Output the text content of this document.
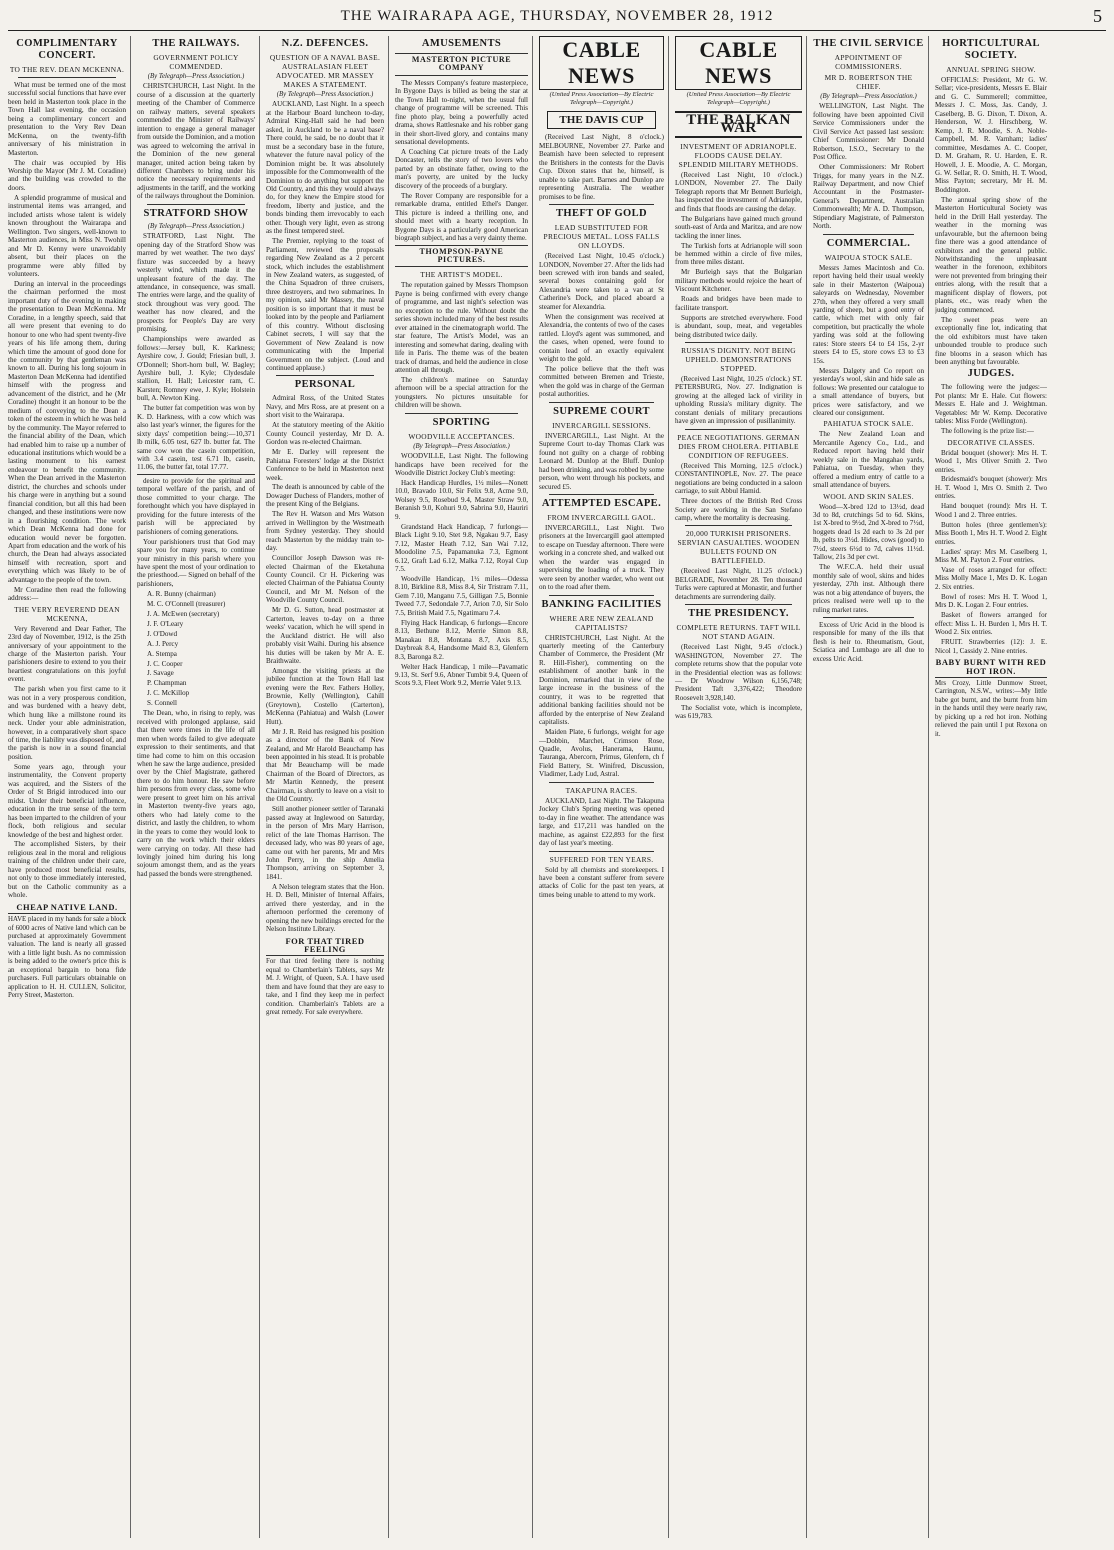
THE WAIRARAPA AGE, THURSDAY, NOVEMBER 28, 1912	5
COMPLIMENTARY CONCERT.
TO THE REV. DEAN MCKENNA.

What must be termed one of the most successful social functions that have ever been held in Masterton took place in the Town Hall last evening, the occasion being a complimentary concert and presentation to the Very Rev Dean McKenna, on the twenty-fifth anniversary of his ministration in Masterton.

The chair was occupied by His Worship the Mayor (Mr J. M. Coradine) and the building was crowded to the doors.

A splendid programme of musical and instrumental items was arranged, and included artists whose talent is widely known throughout the Wairarapa and Wellington. Two singers, well-known to Masterton audiences, in Miss N. Twohill and Mr D. Kenny were unavoidably absent, but their places on the programme were ably filled by volunteers.

During an interval in the proceedings the chairman performed the most important duty of the evening in making the presentation to Dean McKenna. Mr Coradine, in a lengthy speech, said that all were present that evening to do honour to one who had spent twenty-five years of his life among them, during which time the amount of good done for the community by that gentleman was known to all. During his long sojourn in Masterton Dean McKenna had identified himself with the progress and advancement of the district, and he (Mr Coradine) thought it an honour to be the medium of conveying to the Dean a token of the esteem in which he was held by the community. The Mayor referred to the financial ability of the Dean, which had enabled him to raise up a number of educational institutions which would be a lasting monument to his earnest endeavour to benefit the community. When the Dean arrived in the Masterton district, the churches and schools under his charge were in anything but a sound financial condition, but all this had been changed, and these institutions were now in a flourishing condition. The work which Dean McKenna had done for education would never be forgotten. Apart from education and the work of his church, the Dean had always associated himself with recreation, sport and everything which was likely to be of advantage to the people of the town.

Mr Coradine then read the following address:—

THE VERY REVEREND DEAN MCKENNA,

Very Reverend and Dear Father, The 23rd day of November, 1912, is the 25th anniversary of your appointment to the charge of the Masterton parish. Your parishioners desire to extend to you their heartiest congratulations on this joyful event.

The parish when you first came to it was not in a very prosperous condition, and was burdened with a heavy debt, which hung like a millstone round its neck. Under your able administration, however, in a comparatively short space of time, the liability was disposed of, and the parish is now in a sound financial position.

Some years ago, through your instrumentality, the Convent property was acquired, and the Sisters of the Order of St Brigid introduced into our midst. Under their beneficial influence, education in the true sense of the term has been imparted to the children of your flock, both religious and secular knowledge of the best and highest order.

The accomplished Sisters, by their religious zeal in the moral and religious training of the children under their care, have produced most beneficial results, not only to those immediately interested, but on the Catholic community as a whole.

CHEAP NATIVE LAND.
HAVE placed in my hands for sale a block of 6000 acres of Native land which can be purchased at approximately Government valuation. The land is nearly all grassed with a little light bush. As no commission is being added to the owner's price this is an exceptional bargain to bona fide purchasers. Full particulars obtainable on application to H. H. CULLEN, Solicitor, Perry Street, Masterton.
THE RAILWAYS.
GOVERNMENT POLICY COMMENDED.
(By Telegraph—Press Association.)

CHRISTCHURCH, Last Night. In the course of a discussion at the quarterly meeting of the Chamber of Commerce on railway matters, several speakers commended the Minister of Railways' intention to engage a general manager from outside the Dominion, and a motion was agreed to welcoming the arrival in the Dominion of the new general manager, united action being taken by different Chambers to bring under his notice the necessary requirements and adjustments in the tariff, and the working of the railways throughout the Dominion.

STRATFORD SHOW
(By Telegraph—Press Association.)

STRATFORD, Last Night. The opening day of the Stratford Show was marred by wet weather. The two days' fixture was succeeded by a heavy westerly wind, which made it the unpleasant feature of the day. The attendance, in consequence, was small. The entries were large, and the quality of stock throughout was very good. The weather has now cleared, and the prospects for People's Day are very promising.

Championships were awarded as follows:—Jersey bull, K. Karkness; Ayrshire cow, J. Gould; Friesian bull, J. O'Donnell; Short-horn bull, W. Bagley; Ayrshire bull, J. Kyle; Clydesdale stallion, H. Hall; Leicester ram, C. Karsten; Romney ewe, J. Kyle; Holstein bull, A. Newton King.

The butter fat competition was won by K. D. Harkness, with a cow which was also last year's winner, the figures for the sixty days' competition being:—10,371 lb milk, 6.05 test, 627 lb. butter fat. The same cow won the casein competition, with 3.4 casein, test 6.71 lb, casein, 11.06, the butter fat, total 17.77.

desire to provide for the spiritual and temporal welfare of the parish, and of those committed to your charge. The forethought which you have displayed in providing for the future interests of the parish will be appreciated by parishioners of coming generations.

Your parishioners trust that God may spare you for many years, to continue your ministry in this parish where you have spent the most of your ordination to the priesthood.— Signed on behalf of the parishioners,

A. R. Bunny (chairman)

M. C. O'Connell (treasurer)

J. A. McEwen (secretary)

J. F. O'Leary

J. O'Dowd

A. J. Percy

A. Stempa

J. C. Cooper

J. Savage

P. Champman

J. C. McKillop

S. Connell

The Dean, who, in rising to reply, was received with prolonged applause, said that there were times in the life of all men when words failed to give adequate expression to their sentiments, and that time had come to him on this occasion when he saw the large audience, presided over by the Chief Magistrate, gathered there to do him honour. He saw before him persons from every class, some who were present to greet him on his arrival in Masterton twenty-five years ago, others who had lately come to the district, and lastly the children, to whom in the years to come they would look to carry on the work which their elders were carrying on today. All these had lovingly joined him during his long sojourn amongst them, and as the years had passed the bonds were strengthened.

N.Z. DEFENCES.
QUESTION OF A NAVAL BASE. AUSTRALASIAN FLEET ADVOCATED. MR MASSEY MAKES A STATEMENT.
(By Telegraph—Press Association.)

AUCKLAND, Last Night. In a speech at the Harbour Board luncheon to-day, Admiral King-Hall said he had been asked, in Auckland to be a naval base? There could, he said, be no doubt that it must be a secondary base in the future, whatever the future naval policy of the Dominion might be. It was absolutely impossible for the Commonwealth of the Dominion to do anything but support the Old Country, and this they would always do, for they knew the Empire stood for freedom, liberty and justice, and the bonds binding them irrevocably to each other. Though very light, even as strong as the finest tempered steel.

The Premier, replying to the toast of Parliament, reviewed the proposals regarding New Zealand as a 2 percent stock, which includes the establishment in New Zealand waters, as suggested, of the China Squadron of three cruisers, three destroyers, and two submarines. In my opinion, said Mr Massey, the naval position is so important that it must be looked into by the people and Parliament of this country. Without disclosing Cabinet secrets, I will say that the Government of New Zealand is now communicating with the Imperial Government on the subject. (Loud and continued applause.)

PERSONAL

Admiral Ross, of the United States Navy, and Mrs Ross, are at present on a short visit to the Wairarapa.

At the statutory meeting of the Akitio County Council yesterday, Mr D. A. Gordon was re-elected Chairman.

Mr E. Darley will represent the Pahiatua Foresters' lodge at the District Conference to be held in Masterton next week.

The death is announced by cable of the Dowager Duchess of Flanders, mother of the present King of the Belgians.

The Rev H. Watson and Mrs Watson arrived in Wellington by the Westmeath from Sydney yesterday. They should reach Masterton by the midday train to-day.

Councillor Joseph Dawson was re-elected Chairman of the Eketahuna County Council. Cr H. Pickering was elected Chairman of the Pahiatua County Council, and Mr M. Nelson of the Woodville County Council.

Mr D. G. Sutton, head postmaster at Carterton, leaves to-day on a three weeks' vacation, which he will spend in the Auckland district. He will also probably visit Waihi. During his absence his duties will be taken by Mr A. E. Braithwaite.

Amongst the visiting priests at the jubilee function at the Town Hall last evening were the Rev. Fathers Holley, Brownie, Kelly (Wellington), Cahill (Greytown), Costello (Carterton), McKenna (Pahiatua) and Walsh (Lower Hutt).

Mr J. R. Reid has resigned his position as a director of the Bank of New Zealand, and Mr Harold Beauchamp has been appointed in his stead. It is probable that Mr Beauchamp will be made Chairman of the Board of Directors, as Mr Martin Kennedy, the present Chairman, is shortly to leave on a visit to the Old Country.

Still another pioneer settler of Taranaki passed away at Inglewood on Saturday, in the person of Mrs Mary Harrison, relict of the late Thomas Harrison. The deceased lady, who was 80 years of age, came out with her parents, Mr and Mrs John Perry, in the ship Amelia Thompson, arriving on September 3, 1841.

A Nelson telegram states that the Hon. H. D. Bell, Minister of Internal Affairs, arrived there yesterday, and in the afternoon performed the ceremony of opening the new buildings erected for the Nelson Institute Library.

FOR THAT TIRED FEELING
For that tired feeling there is nothing equal to Chamberlain's Tablets, says Mr M. J. Wright, of Queen, S.A. I have used them and have found that they are easy to take, and I find they keep me in perfect condition. Chamberlain's Tablets are a great remedy. For sale everywhere.
AMUSEMENTS
MASTERTON PICTURE COMPANY

The Messrs Company's feature masterpiece, In Bygone Days is billed as being the star at the Town Hall to-night, when the usual full change of programme will be screened. This fine photo play, being a powerfully acted drama, shows Rattlesnake and his robber gang in their short-lived glory, and contains many sensational developments.

A Coaching Cat picture treats of the Lady Doncaster, tells the story of two lovers who parted by an obstinate father, owing to the man's poverty, are united by the lucky discovery of the proceeds of a burglary.

The Rover Company are responsible for a remarkable drama, entitled Ethel's Danger. This picture is indeed a thrilling one, and should meet with a hearty reception. In Bygone Days is a particularly good American biograph subject, and has a very dainty theme.

THOMPSON-PAYNE PICTURES.
THE ARTIST'S MODEL.

The reputation gained by Messrs Thompson Payne is being confirmed with every change of programme, and last night's selection was no exception to the rule. Without doubt the series shown included many of the best results ever attained in the cinematograph world. The star feature, The Artist's Model, was an interesting and somewhat daring, dealing with life in Paris. The theme was of the beaten track of dramas, and held the audience in close attention all through.

The children's matinee on Saturday afternoon will be a special attraction for the youngsters. No pictures unsuitable for children will be shown.

SPORTING
WOODVILLE ACCEPTANCES.
(By Telegraph—Press Association.)

WOODVILLE, Last Night. The following handicaps have been received for the Woodville District Jockey Club's meeting:

Hack Handicap Hurdles, 1½ miles—Nonett 10.0, Bravado 10.0, Sir Felix 9.8, Acme 9.0, Wolsey 9.5, Rosebud 9.4, Master Straw 9.0, Beranish 9.0, Kohuri 9.0, Sabrina 9.0, Hauriri 9.

Grandstand Hack Handicap, 7 furlongs—Black Light 9.10, Stet 9.8, Ngakau 9.7, Easy 7.12, Master Heath 7.12, San Wai 7.12, Moodoline 7.5, Papamanuka 7.3, Egmont 6.12, Graft Lad 6.12, Malka 7.12, Royal Cup 7.5.

Woodville Handicap, 1½ miles—Odessa 8.10, Birkline 8.8, Miss 8.4, Sir Tristram 7.11, Gem 7.10, Manganu 7.5, Gilligan 7.5, Bonnie Tweed 7.7, Sedondale 7.7, Arion 7.0, Sir Solo 7.5, British Maid 7.5, Ngatimaru 7.4.

Flying Hack Handicap, 6 furlongs—Encore 8.13, Bethune 8.12, Merrie Simon 8.8, Manakau 8.8, Montana 8.7, Axis 8.5, Daybreak 8.4, Handsome Maid 8.3, Glenfern 8.3, Baronga 8.2.

Welter Hack Handicap, 1 mile—Pavamatic 9.13, St. Serf 9.6, Abner Tumbit 9.4, Queen of Scots 9.3, Fleet Work 9.2, Merrie Valet 9.13.

CABLE NEWS
(United Press Association—By Electric Telegraph—Copyright.)
THE DAVIS CUP

(Received Last Night, 8 o'clock.) MELBOURNE, November 27. Parke and Beamish have been selected to represent the Britishers in the contests for the Davis Cup. Dixon states that he, himself, is unable to take part. Barnes and Dunlop are representing Australia. The weather promises to be fine.

THEFT OF GOLD
LEAD SUBSTITUTED FOR PRECIOUS METAL. LOSS FALLS ON LLOYDS.

(Received Last Night, 10.45 o'clock.) LONDON, November 27. After the lids had been screwed with iron bands and sealed, several boxes containing gold for Alexandria were taken to a van at St Catherine's Dock, and placed aboard a steamer for Alexandria.

When the consignment was received at Alexandria, the contents of two of the cases rattled. Lloyd's agent was summoned, and the cases, when opened, were found to contain lead of an exactly equivalent weight to the gold.

The police believe that the theft was committed between Bremen and Trieste, when the gold was in charge of the German postal authorities.

SUPREME COURT
INVERCARGILL SESSIONS.

INVERCARGILL, Last Night. At the Supreme Court to-day Thomas Clark was found not guilty on a charge of robbing Leonard M. Dunlop at the Bluff. Dunlop had been drinking, and was robbed by some person, who went through his pockets, and secured £5.

ATTEMPTED ESCAPE.
FROM INVERCARGILL GAOL.

INVERCARGILL, Last Night. Two prisoners at the Invercargill gaol attempted to escape on Tuesday afternoon. There were working in a concrete shed, and walked out when the warder was engaged in supervising the loading of a truck. They were seen by another warder, who went out on to the road after them.

BANKING FACILITIES
WHERE ARE NEW ZEALAND CAPITALISTS?

CHRISTCHURCH, Last Night. At the quarterly meeting of the Canterbury Chamber of Commerce, the President (Mr R. Hill-Fisher), commenting on the establishment of another bank in the Dominion, remarked that in view of the large increase in the business of the country, it was to be regretted that additional banking facilities should not be afforded by the enterprise of New Zealand capitalists.

Maiden Plate, 6 furlongs, weight for age—Dobbin, Marchet, Crimson Rose, Quadle, Avolus, Hanerama, Haunu, Tauranga, Abercorn, Primus, Glenfern, ch f Field Battery, St. Winifred, Discussion, Vladimer, Lady Lud, Astral.

TAKAPUNA RACES.

AUCKLAND, Last Night. The Takapuna Jockey Club's Spring meeting was opened to-day in fine weather. The attendance was large, and £17,211 was handled on the machine, as against £22,893 for the first day of last year's meeting.

SUFFERED FOR TEN YEARS.

Sold by all chemists and storekeepers. I have been a constant sufferer from severe attacks of Colic for the past ten years, at times being unable to attend to my work.

CABLE NEWS
(United Press Association—By Electric Telegraph—Copyright.)
THE BALKAN WAR
INVESTMENT OF ADRIANOPLE. FLOODS CAUSE DELAY. SPLENDID MILITARY METHODS.

(Received Last Night, 10 o'clock.) LONDON, November 27. The Daily Telegraph reports that Mr Bennett Burleigh, has inspected the investment of Adrianople, and finds that floods are causing the delay.

The Bulgarians have gained much ground south-east of Arda and Maritza, and are now tackling the inner lines.

The Turkish forts at Adrianople will soon be hemmed within a circle of five miles, from three miles distant.

Mr Burleigh says that the Bulgarian military methods would rejoice the heart of Viscount Kitchener.

Roads and bridges have been made to facilitate transport.

Supports are stretched everywhere. Food is abundant, soup, meat, and vegetables being distributed twice daily.

RUSSIA'S DIGNITY. NOT BEING UPHELD. DEMONSTRATIONS STOPPED.

(Received Last Night, 10.25 o'clock.) ST. PETERSBURG, Nov. 27. Indignation is growing at the alleged lack of virility in upholding Russia's military dignity. The constant denials of military precautions have given an impression of pusillanimity.

PEACE NEGOTIATIONS. GERMAN DIES FROM CHOLERA. PITIABLE CONDITION OF REFUGEES.

(Received This Morning, 12.5 o'clock.) CONSTANTINOPLE, Nov. 27. The peace negotiations are being conducted in a saloon carriage, to suit Abbul Hamid.

Three doctors of the British Red Cross Society are working in the San Stefano camp, where the mortality is decreasing.

20,000 TURKISH PRISONERS. SERVIAN CASUALTIES. WOODEN BULLETS FOUND ON BATTLEFIELD.

(Received Last Night, 11.25 o'clock.) BELGRADE, November 28. Ten thousand Turks were captured at Monastir, and further detachments are surrendering daily.

THE PRESIDENCY.
COMPLETE RETURNS. TAFT WILL NOT STAND AGAIN.

(Received Last Night, 9.45 o'clock.) WASHINGTON, November 27. The complete returns show that the popular vote in the Presidential election was as follows:— Dr Woodrow Wilson 6,156,748; President Taft 3,376,422; Theodore Roosevelt 3,928,140.

The Socialist vote, which is incomplete, was 619,783.

THE CIVIL SERVICE
APPOINTMENT OF COMMISSIONERS.
MR D. ROBERTSON THE CHIEF.
(By Telegraph—Press Association.)

WELLINGTON, Last Night. The following have been appointed Civil Service Commissioners under the Civil Service Act passed last session: Chief Commissioner: Mr Donald Robertson, I.S.O., Secretary to the Post Office.

Other Commissioners: Mr Robert Triggs, for many years in the N.Z. Railway Department, and now Chief Accountant in the Postmaster-General's Department, Australian Commonwealth; Mr A. D. Thompson, Stipendiary Magistrate, of Palmerston North.

COMMERCIAL.
WAIPOUA STOCK SALE.

Messrs James Macintosh and Co. report having held their usual weekly sale in their Masterton (Waipoua) saleyards on Wednesday, November 27th, when they offered a very small yarding of sheep, but a good entry of cattle, which met with only fair competition, but practically the whole yarding was sold at the following rates: Store steers £4 to £4 15s, 2-yr steers £4 to £5, store cows £3 to £3 15s.

Messrs Dalgety and Co report on yesterday's wool, skin and hide sale as follows: We presented our catalogue to a small attendance of buyers, but prices were satisfactory, and we cleared our consignment.

PAHIATUA STOCK SALE.

The New Zealand Loan and Mercantile Agency Co., Ltd., and Reduced report having held their weekly sale in the Mangahao yards, Pahiatua, on Tuesday, when they offered a medium entry of cattle to a small attendance of buyers.

WOOL AND SKIN SALES.

Wood—X-bred 12d to 13½d, dead 3d to 8d, crutchings 5d to 6d. Skins, 1st X-bred to 9½d, 2nd X-bred to 7½d, hoggets dead 1s 2d each to 3s 2d per lb, pelts to 3½d. Hides, cows (good) to 7½d, steers 6½d to 7d, calves 11½d. Tallow, 21s 3d per cwt.

The W.F.C.A. held their usual monthly sale of wool, skins and hides yesterday, 27th inst. Although there was not a big attendance of buyers, the prices realised were well up to the ruling market rates.

Excess of Uric Acid in the blood is responsible for many of the ills that flesh is heir to. Rheumatism, Gout, Sciatica and Lumbago are all due to excess Uric Acid.

HORTICULTURAL SOCIETY.
ANNUAL SPRING SHOW.

OFFICIALS: President, Mr G. W. Sellar; vice-presidents, Messrs E. Blair and G. C. Summerell; committee, Messrs J. C. Moss, Jas. Candy, J. Caselberg, B. G. Dixon, T. Dixon, A. Henderson, W. J. Hirschberg, W. Kemp, J. R. Moodie, S. A. Noble-Campbell, M. R. Varnham; ladies' committee, Mesdames A. C. Cooper, D. M. Graham, R. U. Harden, E. R. Howell, J. E. Moodie, A. C. Morgan, G. W. Sellar, R. O. Smith, H. T. Wood, Miss Payton; secretary, Mr H. M. Boddington.

The annual spring show of the Masterton Horticultural Society was held in the Drill Hall yesterday. The weather in the morning was unfavourable, but the afternoon being fine there was a good attendance of exhibitors and the general public. Notwithstanding the unpleasant weather in the forenoon, exhibitors were not prevented from bringing their entries along, with the result that a magnificent display of flowers, pot plants, etc., was ready when the judging commenced.

The sweet peas were an exceptionally fine lot, indicating that the old exhibitors must have taken unbounded trouble to produce such fine blooms in a season which has been anything but favourable.

JUDGES.

The following were the judges:— Pot plants: Mr E. Hale. Cut flowers: Messrs E. Hale and J. Weightman. Vegetables: Mr W. Kemp. Decorative tables: Miss Forde (Wellington).

The following is the prize list:—

DECORATIVE CLASSES.

Bridal bouquet (shower): Mrs H. T. Wood 1, Mrs Oliver Smith 2. Two entries.

Bridesmaid's bouquet (shower): Mrs H. T. Wood 1, Mrs O. Smith 2. Two entries.

Hand bouquet (round): Mrs H. T. Wood 1 and 2. Three entries.

Button holes (three gentlemen's): Miss Booth 1, Mrs H. T. Wood 2. Eight entries.

Ladies' spray: Mrs M. Caselberg 1, Miss M. M. Payton 2. Four entries.

Vase of roses arranged for effect: Miss Molly Mace 1, Mrs D. K. Logan 2. Six entries.

Bowl of roses: Mrs H. T. Wood 1, Mrs D. K. Logan 2. Four entries.

Basket of flowers arranged for effect: Miss L. H. Burden 1, Mrs H. T. Wood 2. Six entries.

FRUIT. Strawberries (12): J. E. Nicol 1, Cassidy 2. Nine entries.

BABY BURNT WITH RED HOT IRON.
Mrs Crozy, Little Dunmow Street, Carrington, N.S.W., writes:—My little babe got burnt, and the burnt from him in the hands until they were nearly raw, by picking up a red hot iron. Nothing relieved the pain until I put Rexona on it.
